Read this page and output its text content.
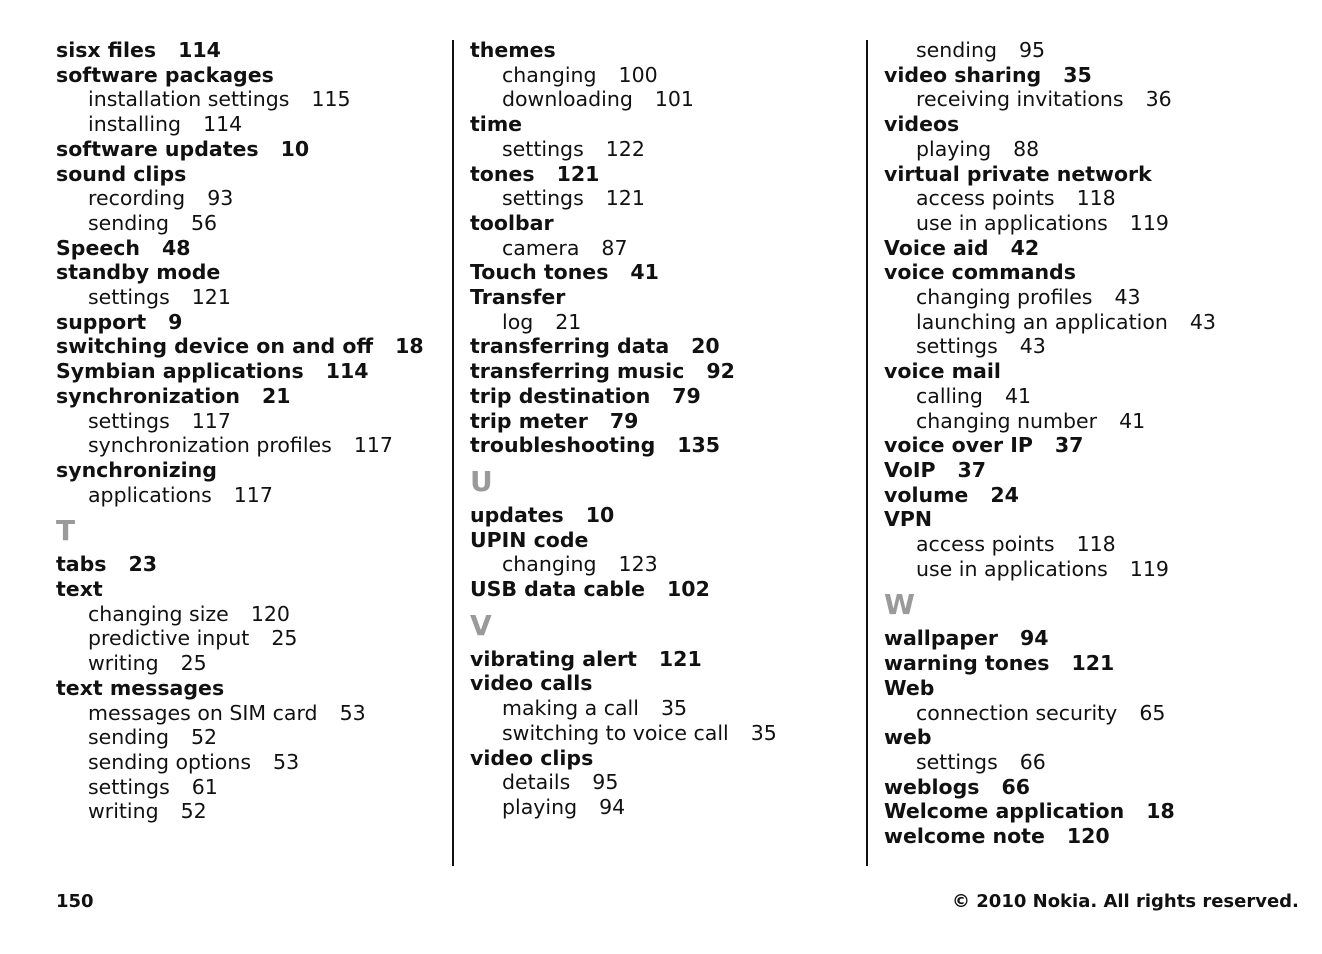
sisx files 114
software packages
installation settings 115
installing 114
software updates 10
sound clips
recording 93
sending 56
Speech 48
standby mode
settings 121
support 9
switching device on and off 18
Symbian applications 114
synchronization 21
settings 117
synchronization profiles 117
synchronizing
applications 117
T
tabs 23
text
changing size 120
predictive input 25
writing 25
text messages
messages on SIM card 53
sending 52
sending options 53
settings 61
writing 52
themes
changing 100
downloading 101
time
settings 122
tones 121
settings 121
toolbar
camera 87
Touch tones 41
Transfer
log 21
transferring data 20
transferring music 92
trip destination 79
trip meter 79
troubleshooting 135
U
updates 10
UPIN code
changing 123
USB data cable 102
V
vibrating alert 121
video calls
making a call 35
switching to voice call 35
video clips
details 95
playing 94
sending 95
video sharing 35
receiving invitations 36
videos
playing 88
virtual private network
access points 118
use in applications 119
Voice aid 42
voice commands
changing profiles 43
launching an application 43
settings 43
voice mail
calling 41
changing number 41
voice over IP 37
VoIP 37
volume 24
VPN
access points 118
use in applications 119
W
wallpaper 94
warning tones 121
Web
connection security 65
web
settings 66
weblogs 66
Welcome application 18
welcome note 120
150	© 2010 Nokia. All rights reserved.
